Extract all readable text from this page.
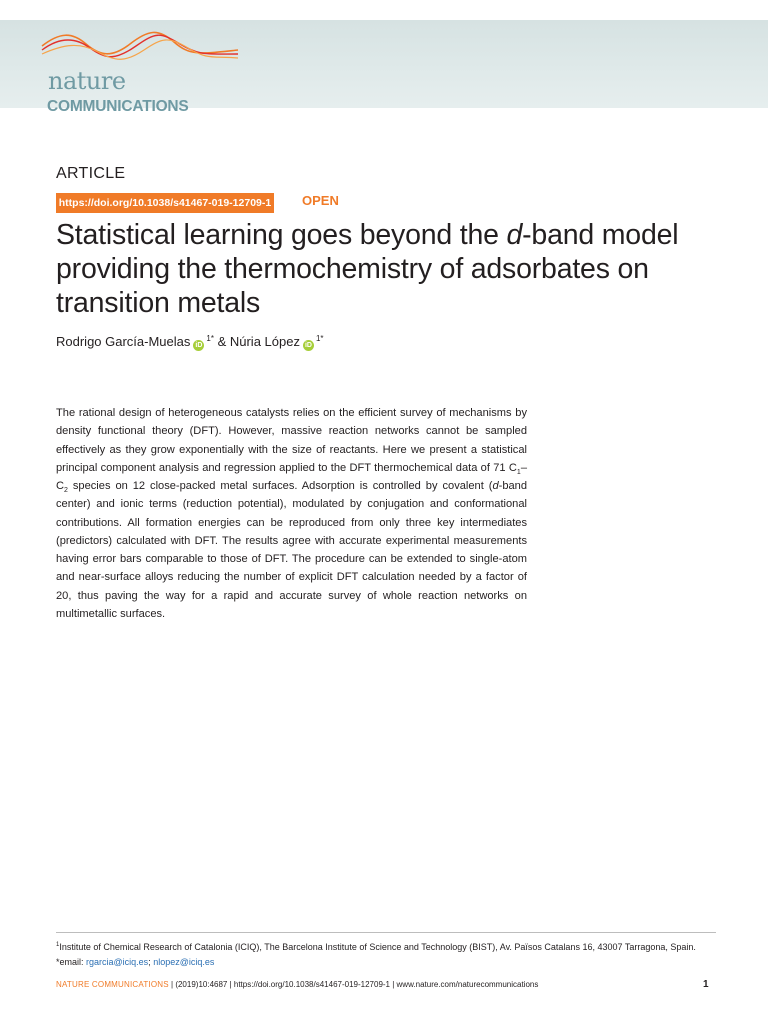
nature
COMMUNICATIONS
ARTICLE
https://doi.org/10.1038/s41467-019-12709-1 OPEN
Statistical learning goes beyond the d-band model providing the thermochemistry of adsorbates on transition metals
Rodrigo García-Muelas $iD^{1*}$ & Núria López $iD^{1*}$

The rational design of heterogeneous catalysts relies on the efficient survey of mechanisms by density functional theory (DFT). However, massive reaction networks cannot be sampled effectively as they grow exponentially with the size of reactants. Here we present a statistical principal component analysis and regression applied to the DFT thermochemical data of 71 $C_1-C_2$ species on 12 close-packed metal surfaces. Adsorption is controlled by covalent (d-band center) and ionic terms (reduction potential), modulated by conjugation and conformational contributions. All formation energies can be reproduced from only three key intermediates (predictors) calculated with DFT. The results agree with accurate experimental measurements having error bars comparable to those of DFT. The procedure can be extended to single-atom and near-surface alloys reducing the number of explicit DFT calculation needed by a factor of 20, thus paving the way for a rapid and accurate survey of whole reaction networks on multimetallic surfaces.

$^1$Institute of Chemical Research of Catalonia (ICIQ), The Barcelona Institute of Science and Technology (BIST), Av. Països Catalans 16, 43007 Tarragona, Spain. *email: rgarcia@iciq.es; nlopez@iciq.es
NATURE COMMUNICATIONS | (2019)10:4687 | https://doi.org/10.1038/s41467-019-12709-1 | www.nature.com/naturecommunications	1
